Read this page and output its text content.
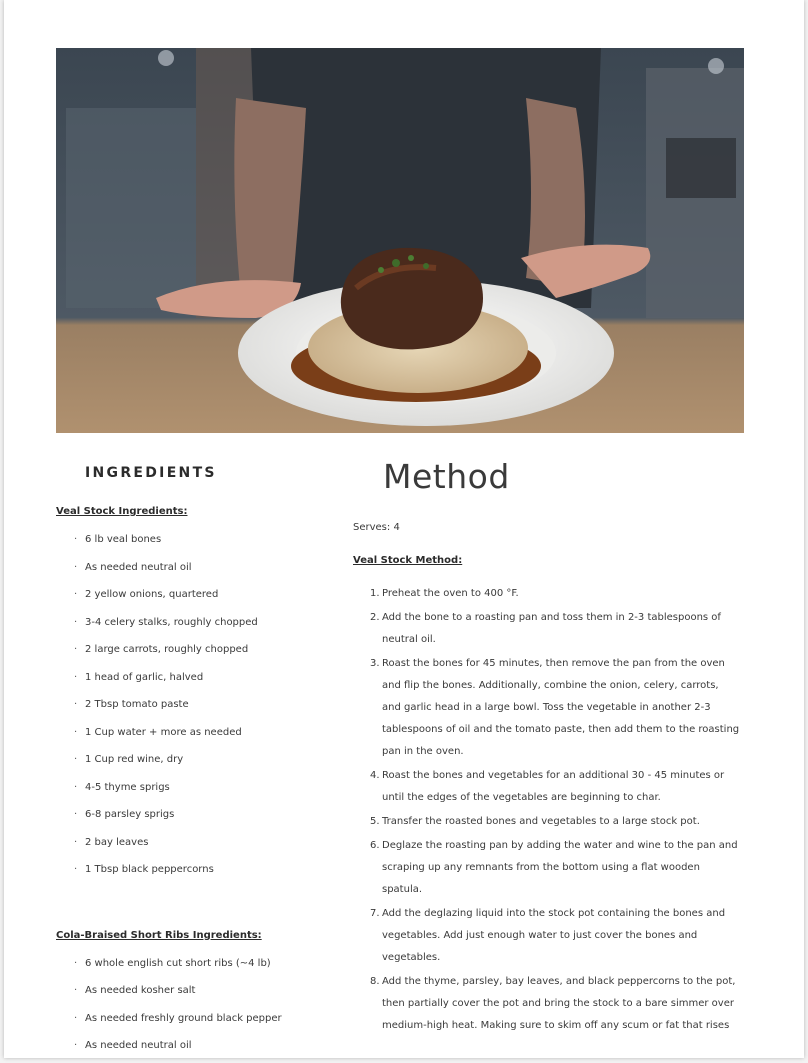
INGREDIENTS
Veal Stock Ingredients:
· 6 lb veal bones
· As needed neutral oil
· 2 yellow onions, quartered
· 3-4 celery stalks, roughly chopped
· 2 large carrots, roughly chopped
· 1 head of garlic, halved
· 2 Tbsp tomato paste
· 1 Cup water + more as needed
· 1 Cup red wine, dry
· 4-5 thyme sprigs
· 6-8 parsley sprigs
· 2 bay leaves
· 1 Tbsp black peppercorns
Cola-Braised Short Ribs Ingredients:
· 6 whole english cut short ribs (~4 lb)
· As needed kosher salt
· As needed freshly ground black pepper
· As needed neutral oil
Method
Serves: 4
Veal Stock Method:
1. Preheat the oven to 400 °F.
2. Add the bone to a roasting pan and toss them in 2-3 tablespoons of
neutral oil.
3. Roast the bones for 45 minutes, then remove the pan from the oven
and flip the bones. Additionally, combine the onion, celery, carrots,
and garlic head in a large bowl. Toss the vegetable in another 2-3
tablespoons of oil and the tomato paste, then add them to the roasting
pan in the oven.
4. Roast the bones and vegetables for an additional 30 - 45 minutes or
until the edges of the vegetables are beginning to char.
5. Transfer the roasted bones and vegetables to a large stock pot.
6. Deglaze the roasting pan by adding the water and wine to the pan and
scraping up any remnants from the bottom using a flat wooden
spatula.
7. Add the deglazing liquid into the stock pot containing the bones and
vegetables. Add just enough water to just cover the bones and
vegetables.
8. Add the thyme, parsley, bay leaves, and black peppercorns to the pot,
then partially cover the pot and bring the stock to a bare simmer over
medium-high heat. Making sure to skim off any scum or fat that rises
